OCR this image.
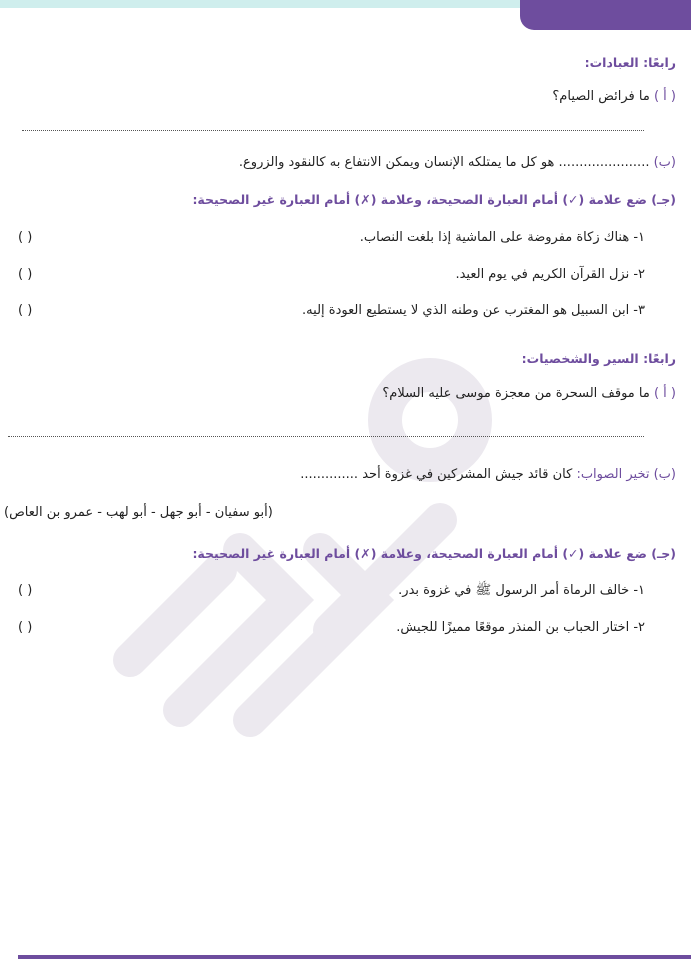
رابعًا: العبادات:
( أ ) ما فرائض الصيام؟
(ب) ...................... هو كل ما يمتلكه الإنسان ويمكن الانتفاع به كالنقود والزروع.
(جـ) ضع علامة (✓) أمام العبارة الصحيحة، وعلامة (✗) أمام العبارة غير الصحيحة:
١- هناك زكاة مفروضة على الماشية إذا بلغت النصاب.
( )
٢- نزل القرآن الكريم في يوم العيد.
( )
٣- ابن السبيل هو المغترب عن وطنه الذي لا يستطيع العودة إليه.
( )
رابعًا: السير والشخصيات:
( أ ) ما موقف السحرة من معجزة موسى عليه السلام؟
(ب) تخير الصواب: كان قائد جيش المشركين في غزوة أحد ..............
(أبو سفيان - أبو جهل - أبو لهب - عمرو بن العاص)
(جـ) ضع علامة (✓) أمام العبارة الصحيحة، وعلامة (✗) أمام العبارة غير الصحيحة:
١- خالف الرماة أمر الرسول ﷺ في غزوة بدر.
( )
٢- اختار الحباب بن المنذر موقعًا مميزًا للجيش.
( )
